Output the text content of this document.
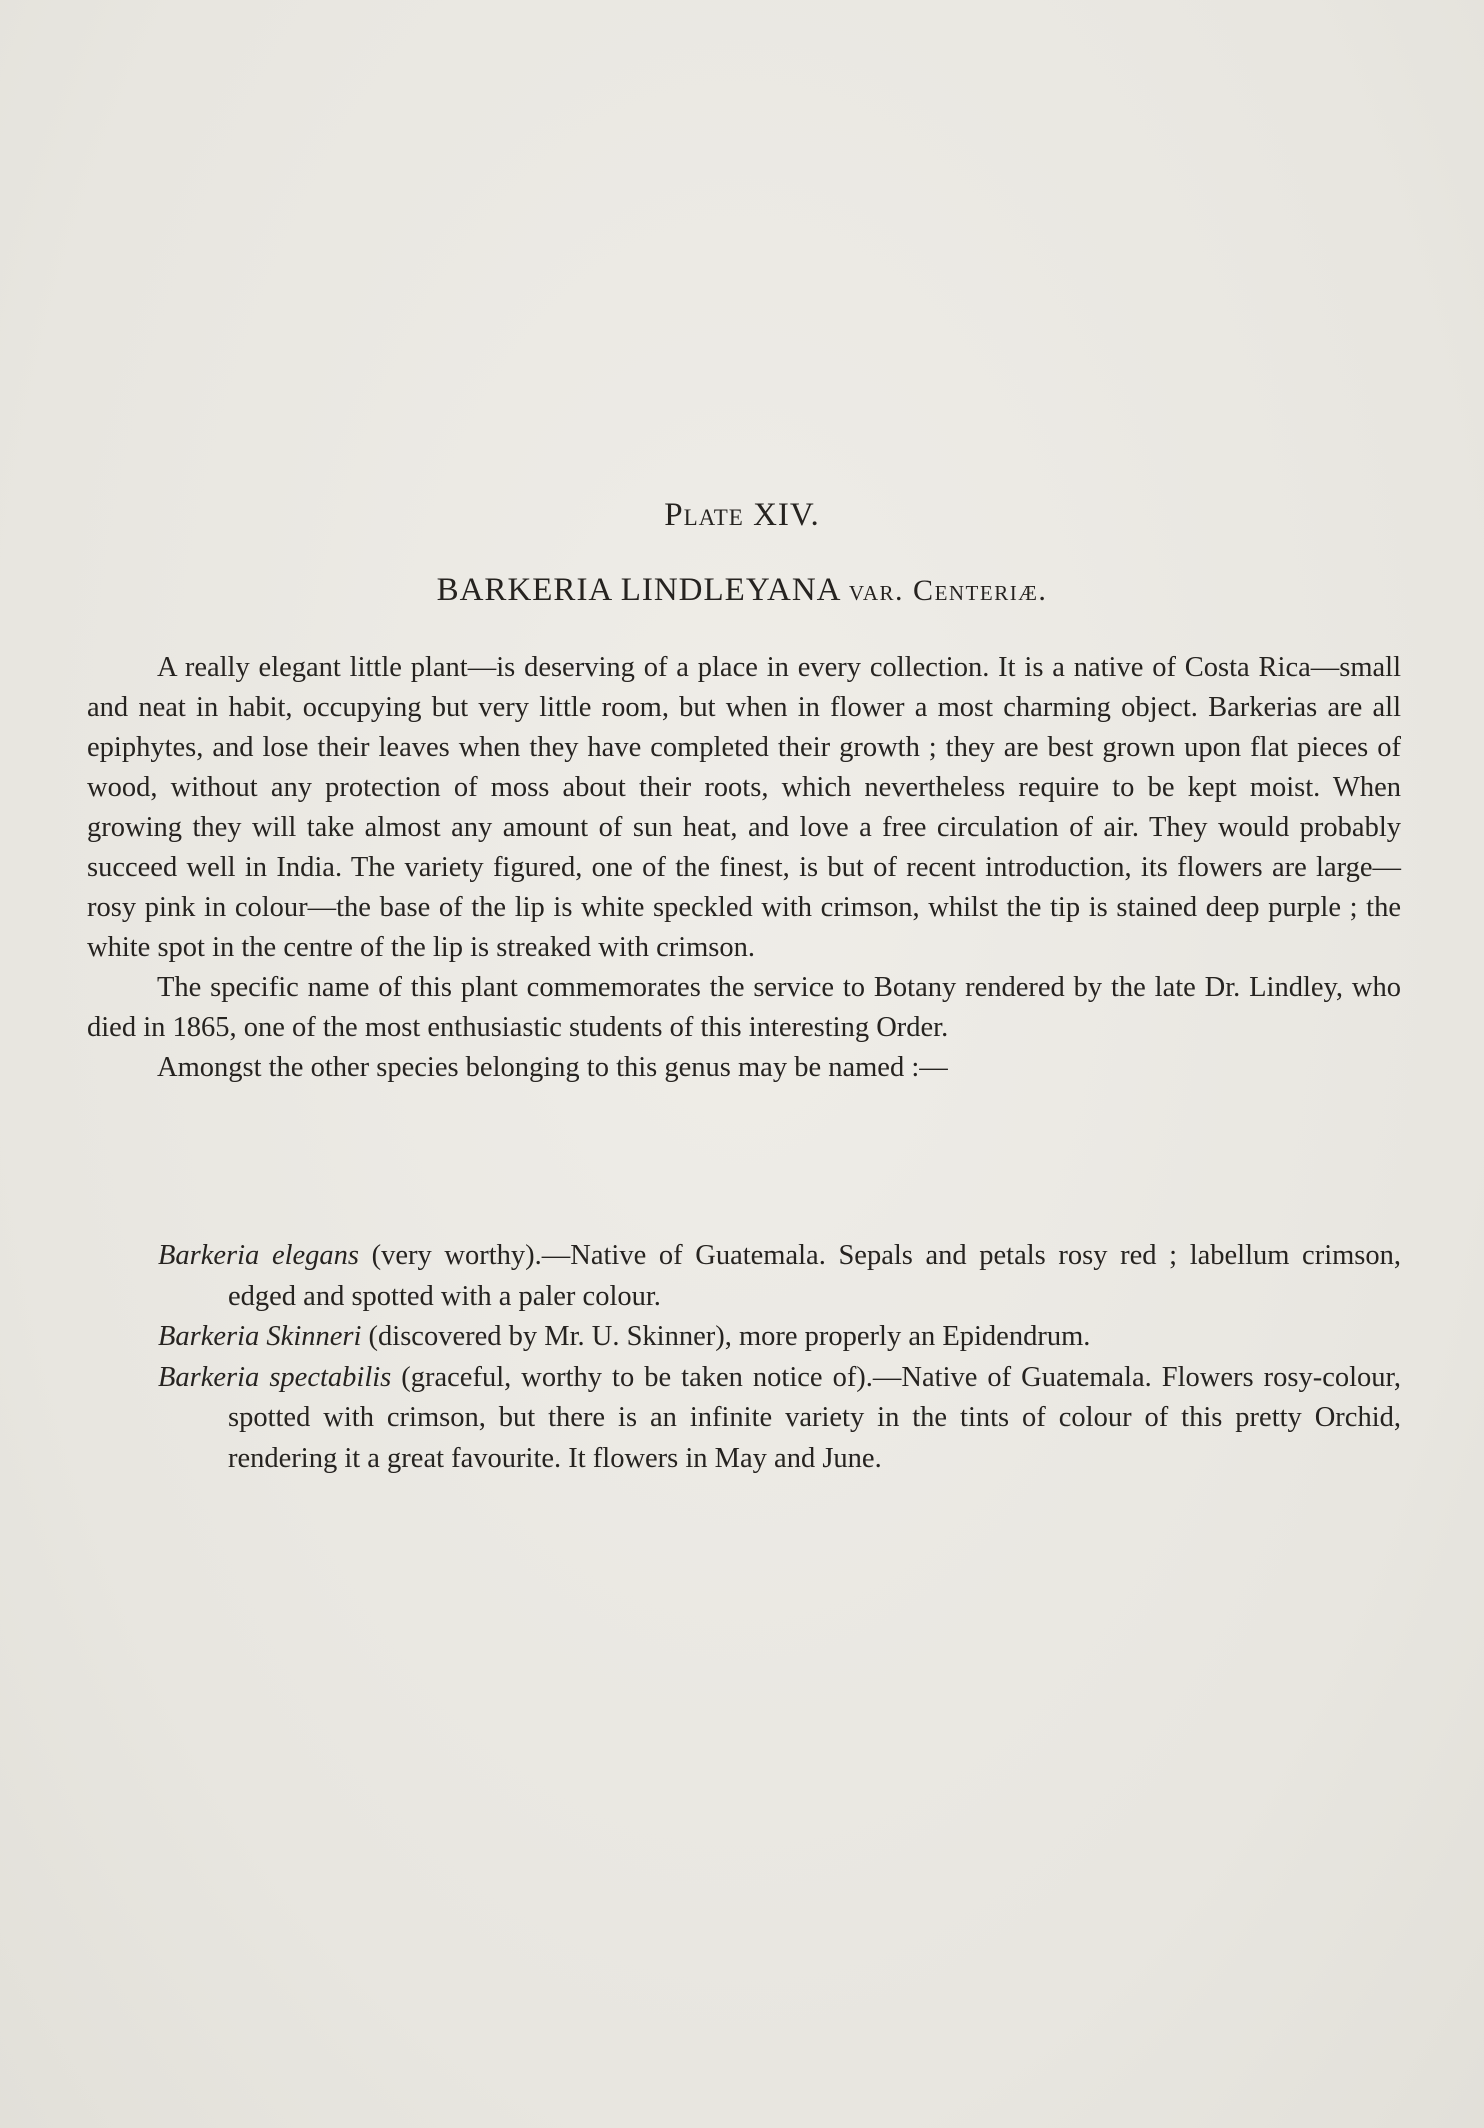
Plate XIV.
BARKERIA LINDLEYANA var. Centeriæ.

A really elegant little plant—is deserving of a place in every collection. It is a native of Costa Rica—small and neat in habit, occupying but very little room, but when in flower a most charming object. Barkerias are all epiphytes, and lose their leaves when they have completed their growth ; they are best grown upon flat pieces of wood, without any protection of moss about their roots, which nevertheless require to be kept moist. When growing they will take almost any amount of sun heat, and love a free circulation of air. They would probably succeed well in India. The variety figured, one of the finest, is but of recent introduction, its flowers are large—rosy pink in colour—the base of the lip is white speckled with crimson, whilst the tip is stained deep purple ; the white spot in the centre of the lip is streaked with crimson.

The specific name of this plant commemorates the service to Botany rendered by the late Dr. Lindley, who died in 1865, one of the most enthusiastic students of this interesting Order.

Amongst the other species belonging to this genus may be named :—

Barkeria elegans (very worthy).—Native of Guatemala. Sepals and petals rosy red ; labellum crimson, edged and spotted with a paler colour.

Barkeria Skinneri (discovered by Mr. U. Skinner), more properly an Epidendrum.

Barkeria spectabilis (graceful, worthy to be taken notice of).—Native of Guatemala. Flowers rosy-colour, spotted with crimson, but there is an infinite variety in the tints of colour of this pretty Orchid, rendering it a great favourite. It flowers in May and June.
